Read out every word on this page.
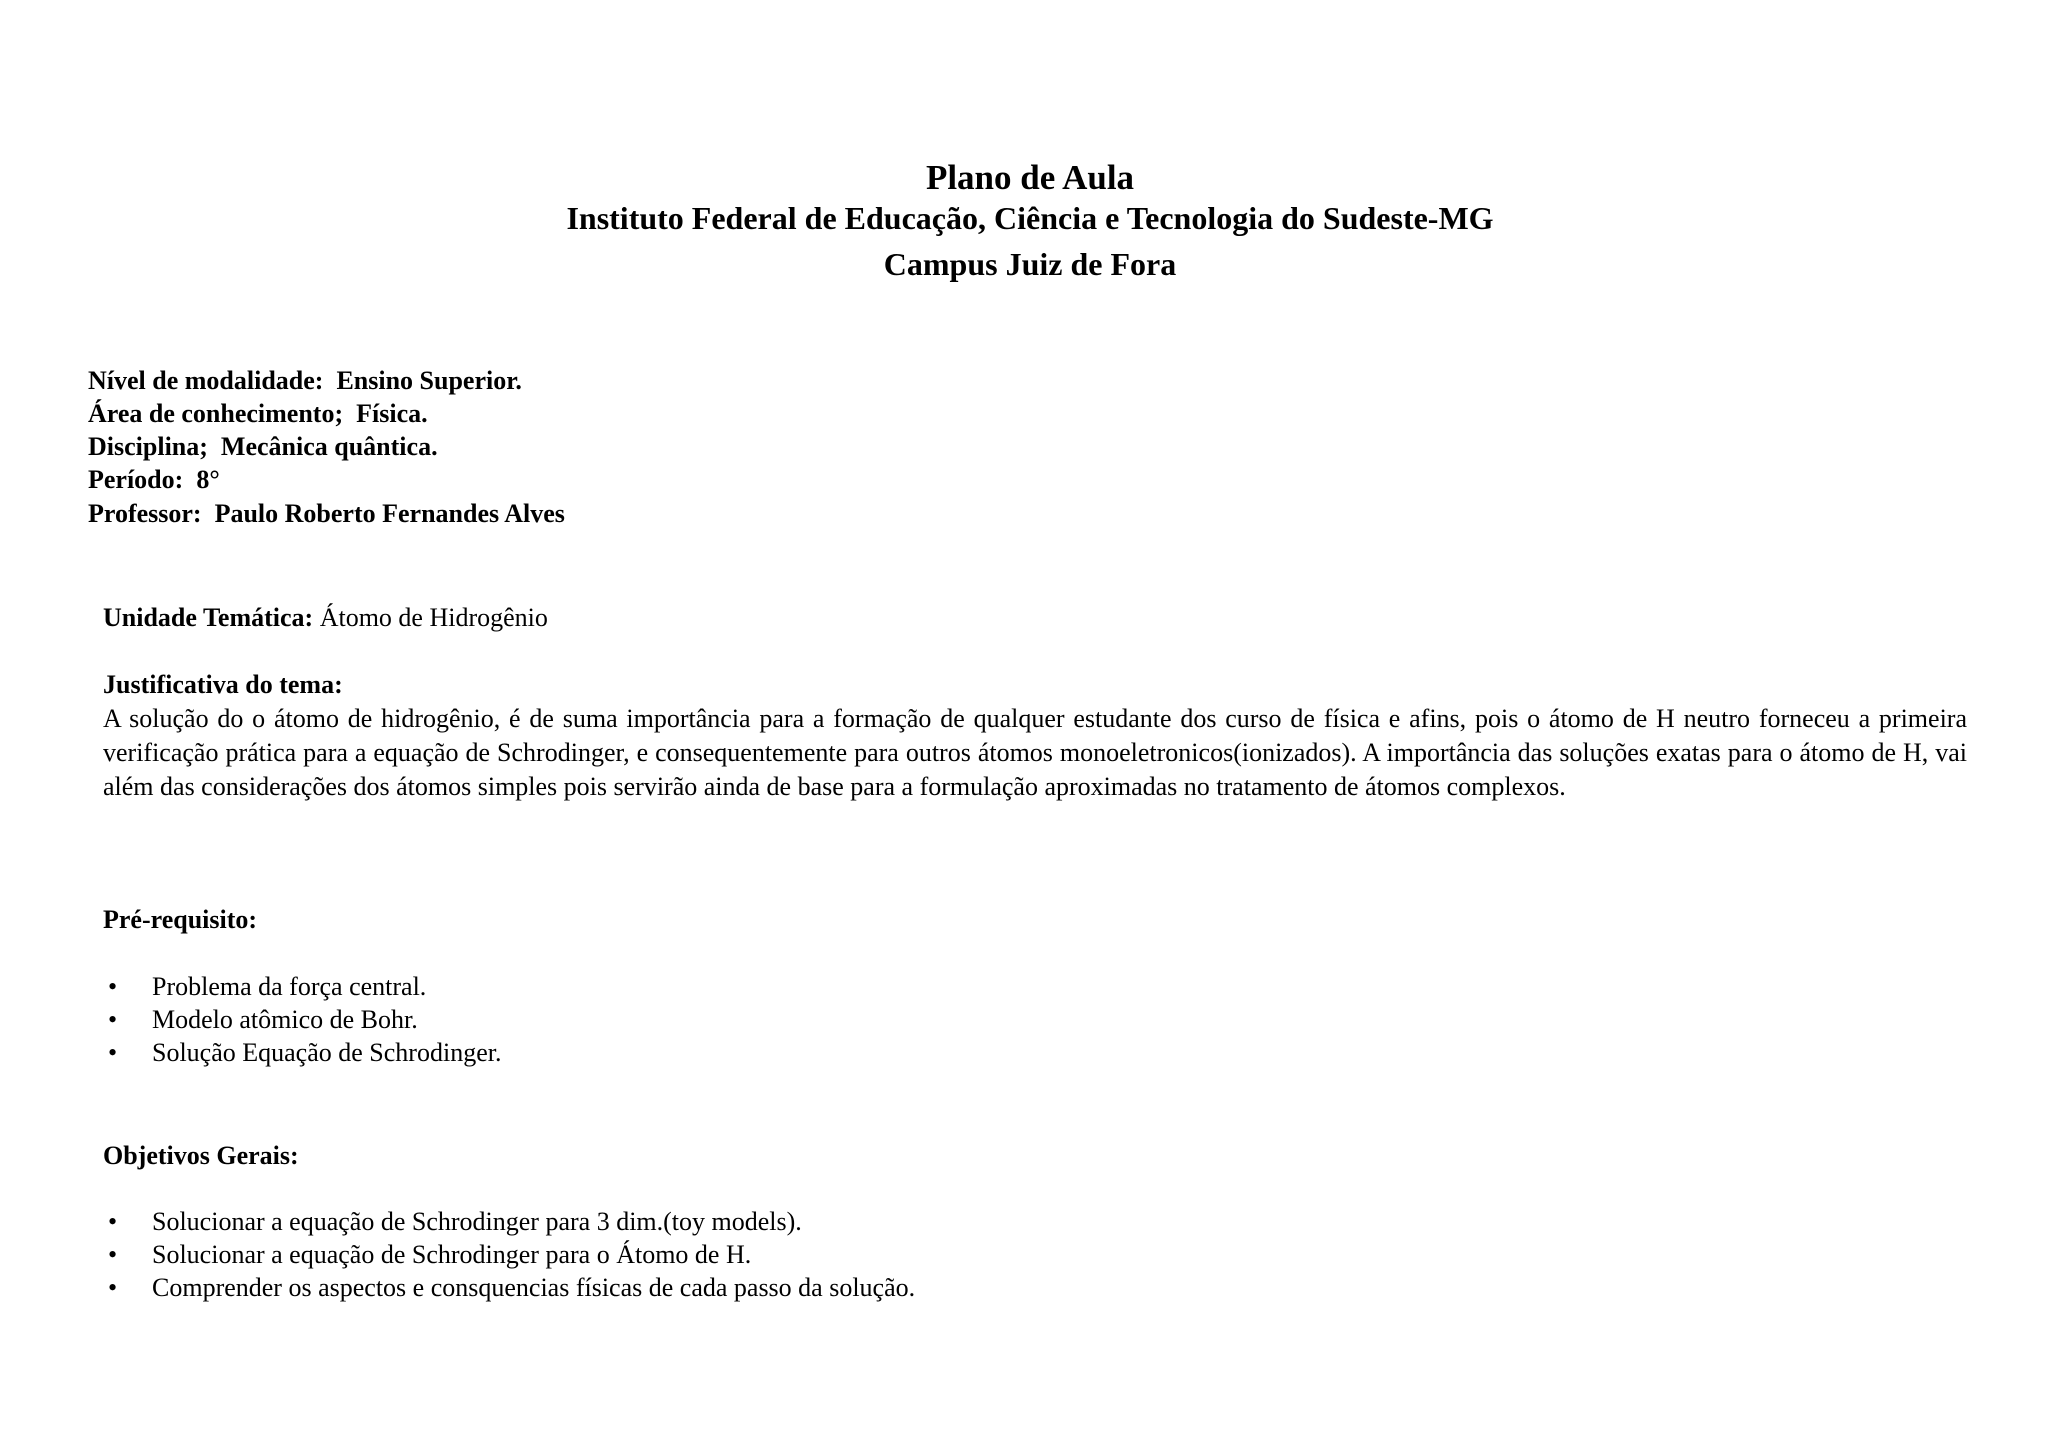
Plano de Aula
Instituto Federal de Educação, Ciência e Tecnologia do Sudeste-MG
Campus Juiz de Fora
Nível de modalidade: Ensino Superior.
Área de conhecimento; Física.
Disciplina; Mecânica quântica.
Período: 8°
Professor: Paulo Roberto Fernandes Alves
Unidade Temática: Átomo de Hidrogênio
Justificativa do tema:
A solução do o átomo de hidrogênio, é de suma importância para a formação de qualquer estudante dos curso de física e afins, pois o átomo de H neutro forneceu a primeira verificação prática para a equação de Schrodinger, e consequentemente para outros átomos monoeletronicos(ionizados). A importância das soluções exatas para o átomo de H, vai além das considerações dos átomos simples pois servirão ainda de base para a formulação aproximadas no tratamento de átomos complexos.
Pré-requisito:
• Problema da força central.
• Modelo atômico de Bohr.
• Solução Equação de Schrodinger.
Objetivos Gerais:
• Solucionar a equação de Schrodinger para 3 dim.(toy models).
• Solucionar a equação de Schrodinger para o Átomo de H.
• Comprender os aspectos e consquencias físicas de cada passo da solução.
